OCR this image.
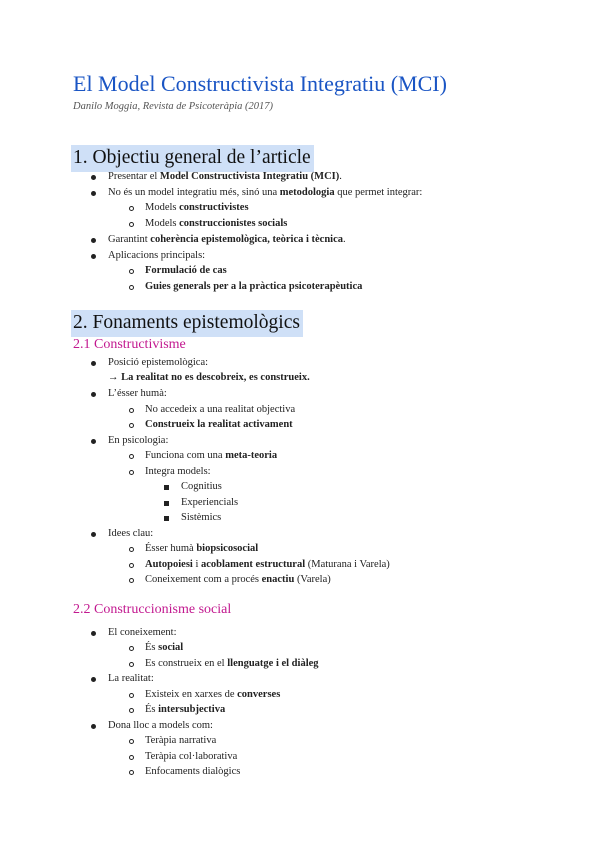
El Model Constructivista Integratiu (MCI)
Danilo Moggia, Revista de Psicoteràpia (2017)
1. Objectiu general de l’article
Presentar el Model Constructivista Integratiu (MCI).
No és un model integratiu més, sinó una metodologia que permet integrar:
Models constructivistes
Models construccionistes socials
Garantint coherència epistemològica, teòrica i tècnica.
Aplicacions principals:
Formulació de cas
Guies generals per a la pràctica psicoterapèutica
2. Fonaments epistemològics
2.1 Constructivisme
Posició epistemològica:
→ La realitat no es descobreix, es construeix.
L’ésser humà:
No accedeix a una realitat objectiva
Construeix la realitat activament
En psicologia:
Funciona com una meta-teoria
Integra models:
Cognitius
Experiencials
Sistèmics
Idees clau:
Ésser humà biopsicosocial
Autopoiesi i acoblament estructural (Maturana i Varela)
Coneixement com a procés enactiu (Varela)
2.2 Construccionisme social
El coneixement:
És social
Es construeix en el llenguatge i el diàleg
La realitat:
Existeix en xarxes de converses
És intersubjectiva
Dona lloc a models com:
Teràpia narrativa
Teràpia col·laborativa
Enfocaments dialògics
